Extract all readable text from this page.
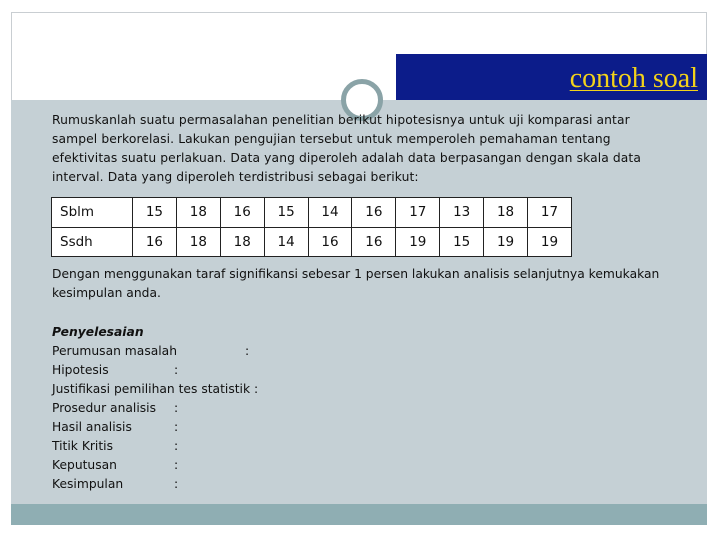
contoh soal
Rumuskanlah suatu permasalahan penelitian berikut hipotesisnya untuk uji komparasi antar sampel berkorelasi. Lakukan pengujian tersebut untuk memperoleh pemahaman tentang efektivitas suatu perlakuan. Data yang diperoleh adalah data berpasangan dengan skala data interval. Data yang diperoleh terdistribusi sebagai berikut:
Sblm	15	18	16	15	14	16	17	13	18	17
Ssdh	16	18	18	14	16	16	19	15	19	19
Dengan menggunakan taraf signifikansi sebesar 1 persen lakukan analisis selanjutnya kemukakan kesimpulan anda.
Penyelesaian
Perumusan masalah	:
Hipotesis	:
Justifikasi pemilihan tes statistik :
Prosedur analisis :
Hasil analisis	:
Titik Kritis	:
Keputusan	:
Kesimpulan	:
